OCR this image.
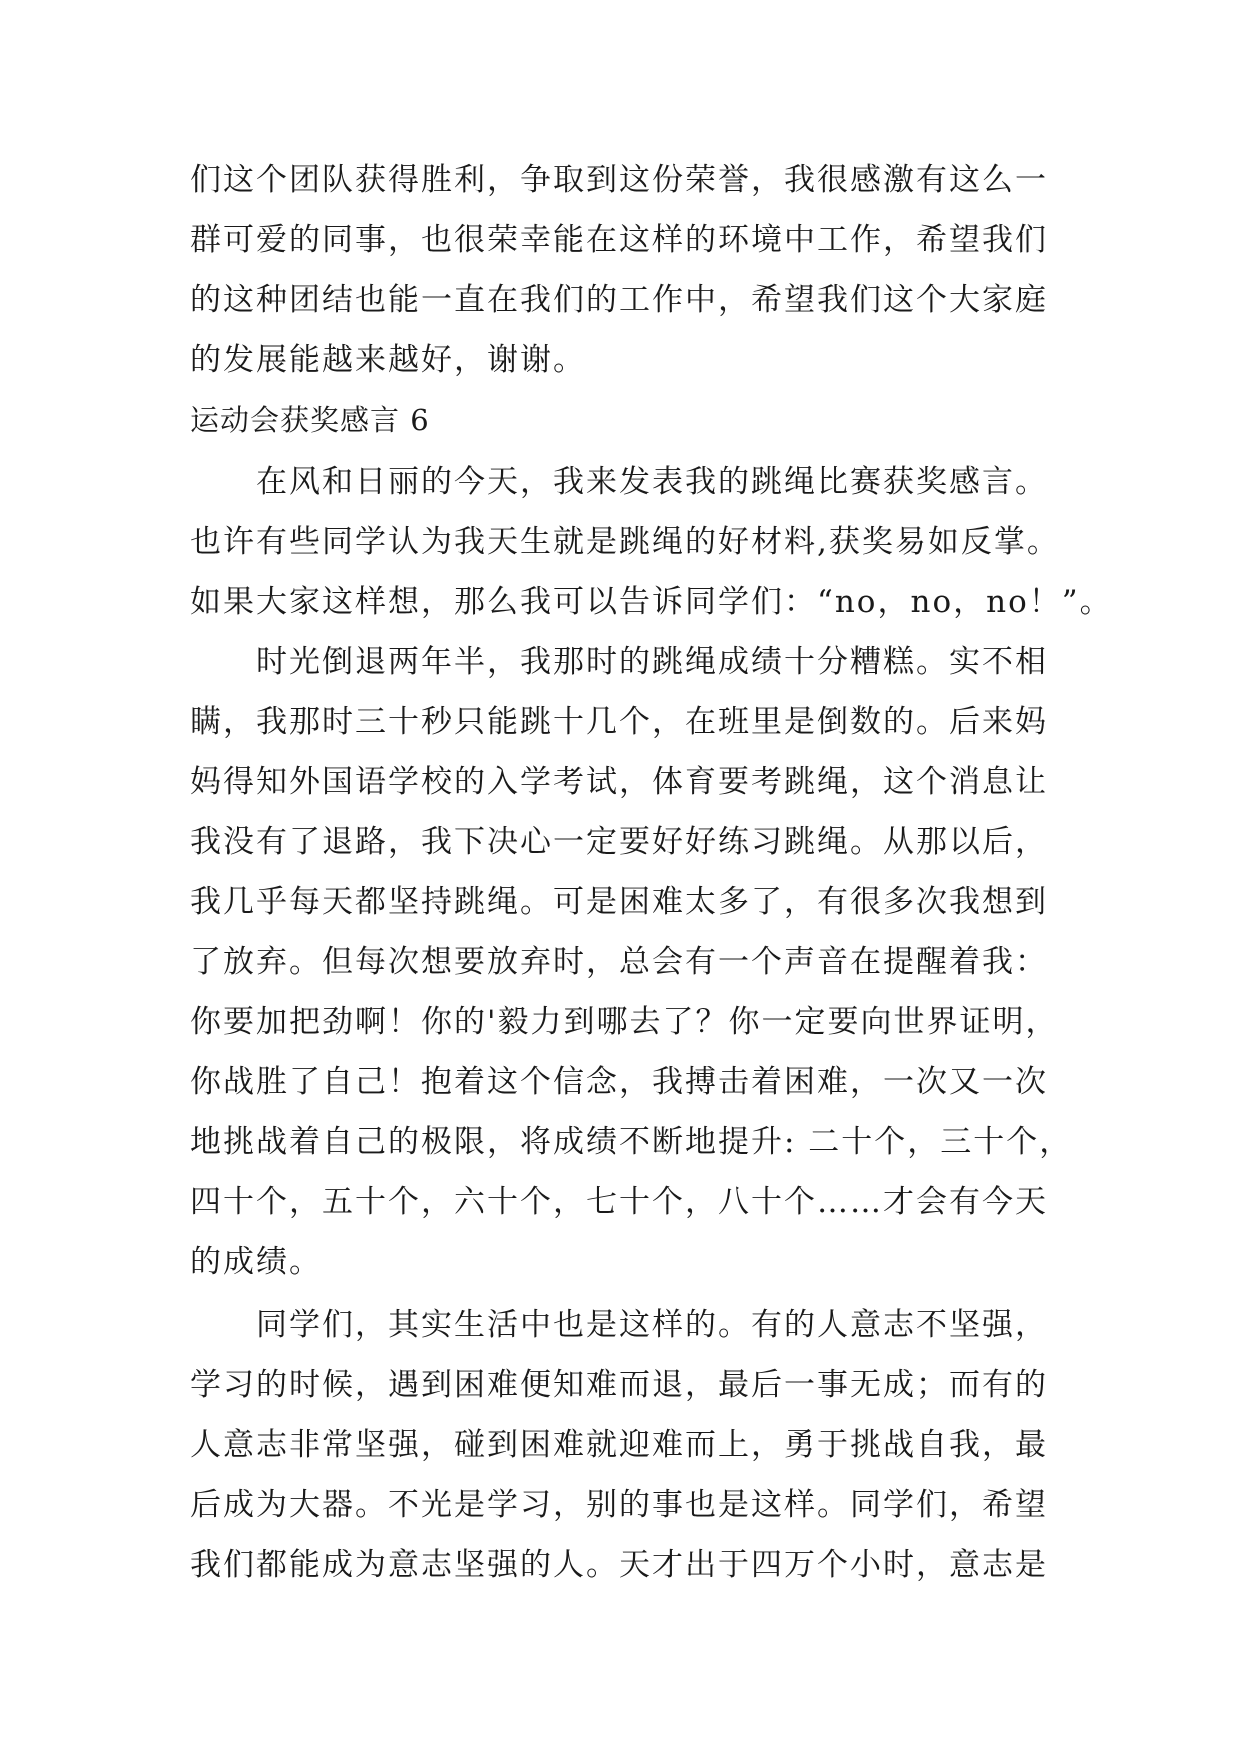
们这个团队获得胜利，争取到这份荣誉，我很感激有这么一
群可爱的同事，也很荣幸能在这样的环境中工作，希望我们
的这种团结也能一直在我们的工作中，希望我们这个大家庭
的发展能越来越好，谢谢。
运动会获奖感言 6
在风和日丽的今天，我来发表我的跳绳比赛获奖感言。
也许有些同学认为我天生就是跳绳的好材料,获奖易如反掌。
如果大家这样想，那么我可以告诉同学们：“no，no，no！”。
时光倒退两年半，我那时的跳绳成绩十分糟糕。实不相
瞒，我那时三十秒只能跳十几个，在班里是倒数的。后来妈
妈得知外国语学校的入学考试，体育要考跳绳，这个消息让
我没有了退路，我下决心一定要好好练习跳绳。从那以后，
我几乎每天都坚持跳绳。可是困难太多了，有很多次我想到
了放弃。但每次想要放弃时，总会有一个声音在提醒着我：
你要加把劲啊！你的'毅力到哪去了？你一定要向世界证明，
你战胜了自己！抱着这个信念，我搏击着困难，一次又一次
地挑战着自己的极限，将成绩不断地提升: 二十个，三十个，
四十个，五十个，六十个，七十个，八十个……才会有今天
的成绩。
同学们，其实生活中也是这样的。有的人意志不坚强，
学习的时候，遇到困难便知难而退，最后一事无成；而有的
人意志非常坚强，碰到困难就迎难而上，勇于挑战自我，最
后成为大器。不光是学习，别的事也是这样。同学们，希望
我们都能成为意志坚强的人。天才出于四万个小时，意志是
